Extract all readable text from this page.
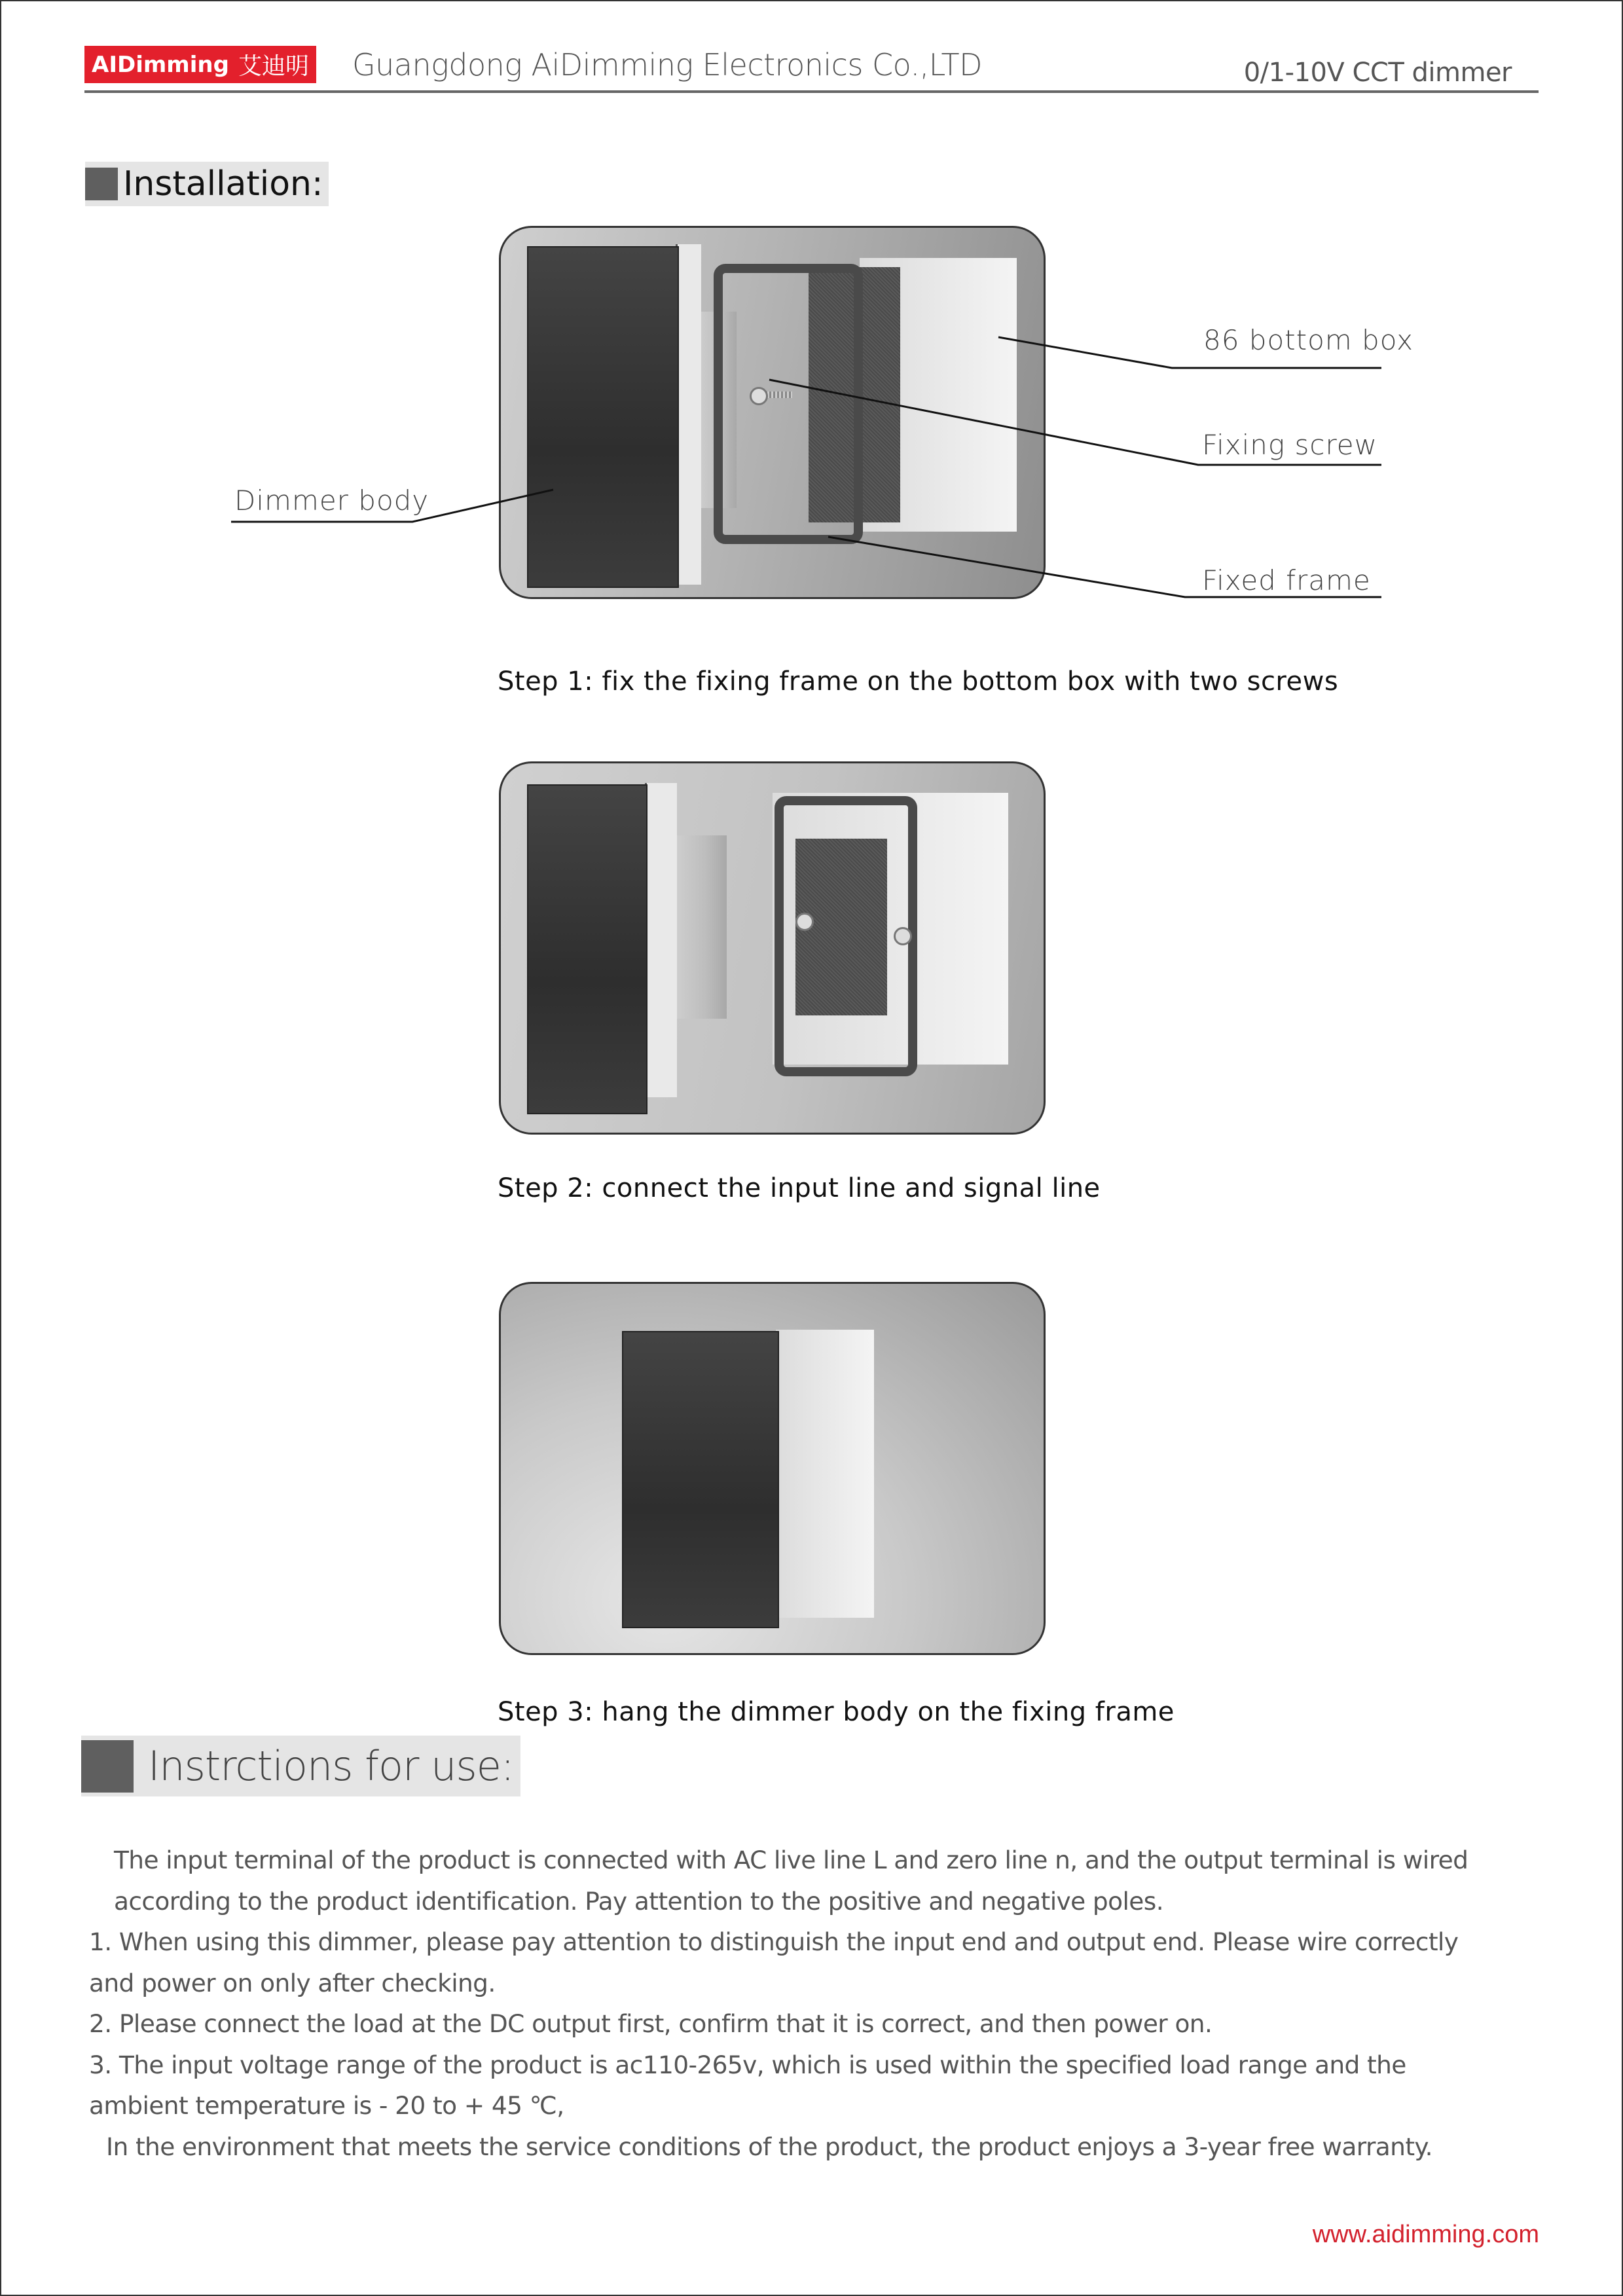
AIDimming 艾迪明 Guangdong AiDimming Electronics Co.,LTD	0/1-10V CCT dimmer
Installation:
86 bottom box
Fixing screw
Fixed frame
Dimmer body
Step 1: fix the fixing frame on the bottom box with two screws
Step 2: connect the input line and signal line
Step 3: hang the dimmer body on the fixing frame
Instrctions for use:

The input terminal of the product is connected with AC live line L and zero line n, and the output terminal is wired according to the product identification. Pay attention to the positive and negative poles.

1. When using this dimmer, please pay attention to distinguish the input end and output end. Please wire correctly and power on only after checking.

2. Please connect the load at the DC output first, confirm that it is correct, and then power on.

3. The input voltage range of the product is ac110-265v, which is used within the specified load range and the ambient temperature is - 20 to + 45 ℃,

In the environment that meets the service conditions of the product, the product enjoys a 3-year free warranty.

www.aidimming.com
